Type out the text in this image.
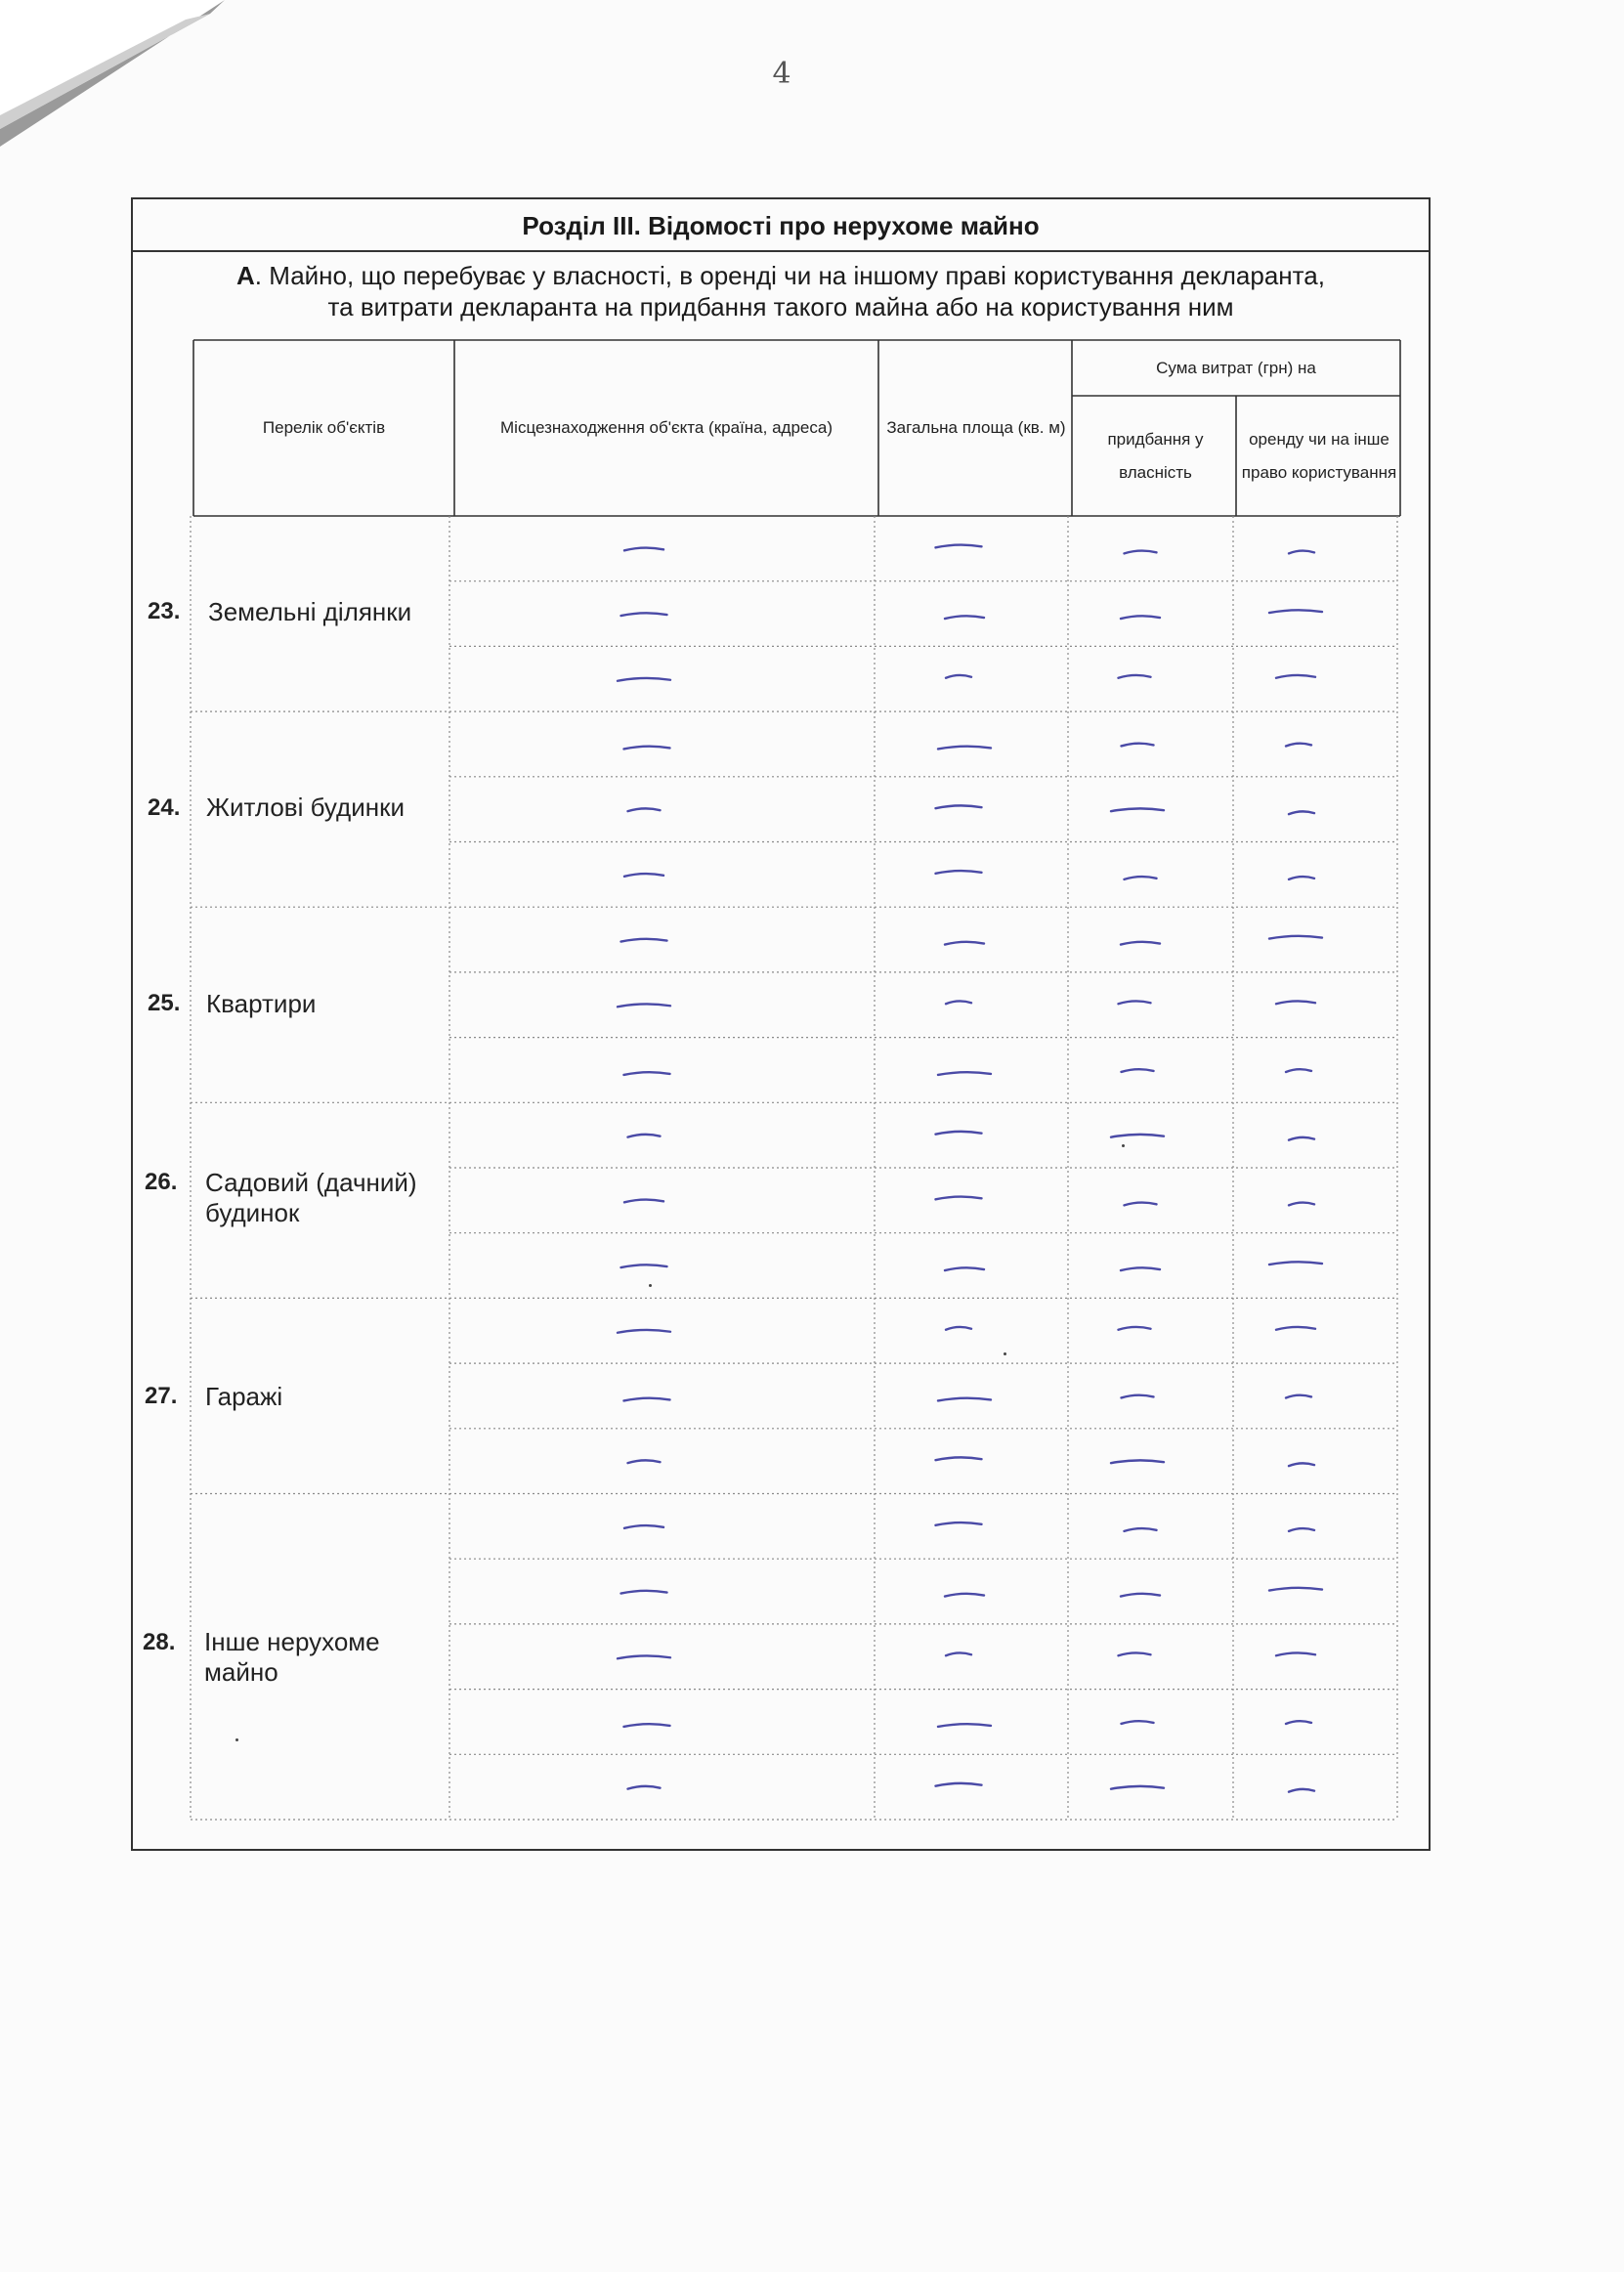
4
Розділ III. Відомості про нерухоме майно
А. Майно, що перебуває у власності, в оренді чи на іншому праві користування декларанта,
та витрати декларанта на придбання такого майна або на користування ним
Перелік об'єктів	Місцезнаходження об'єкта (країна, адреса)	Загальна площа (кв. м)
Сума витрат (грн) на
придбання у власність
оренду чи на інше право користування
23. Земельні ділянки
24. Житлові будинки
25. Квартири
26. Садовий (дачний) будинок
27. Гаражі
28. Інше нерухоме майно
